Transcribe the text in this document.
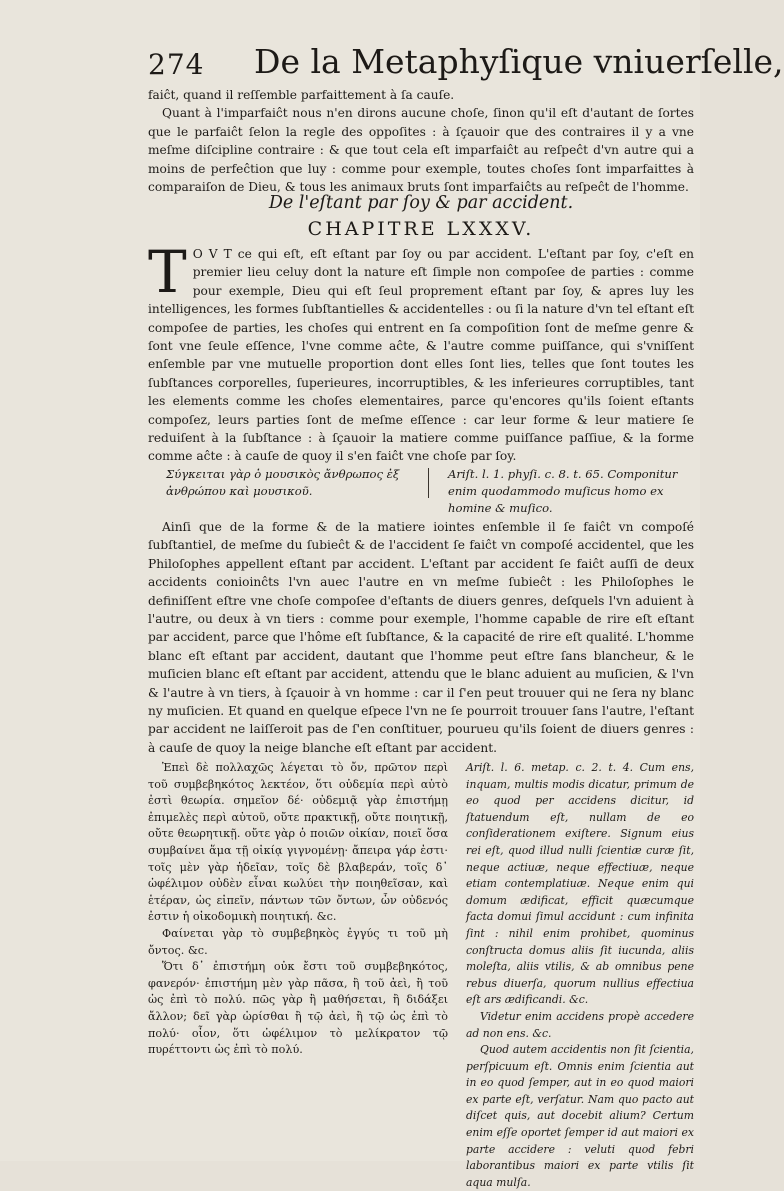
274 De la Metaphyſique vniuerſelle,

faiĉt, quand il reſſemble parfaittement à ſa cauſe.

Quant à l'imparfaiĉt nous n'en dirons aucune choſe, ſinon qu'il eſt d'autant de ſortes que le parfaiĉt ſelon la regle des oppoſites : à ſçauoir que des contraires il y a vne meſme diſcipline contraire : & que tout cela eſt imparfaiĉt au reſpeĉt d'vn autre qui a moins de perfeĉtion que luy : comme pour exemple, toutes choſes ſont imparfaittes à comparaiſon de Dieu, & tous les animaux bruts ſont imparfaiĉts au reſpeĉt de l'homme.

De l'eſtant par ſoy & par accident.
CHAPITRE LXXXV.
T O V T ce qui eſt, eſt eſtant par ſoy ou par accident. L'eſtant par ſoy, c'eſt en premier lieu celuy dont la nature eſt ſimple non compoſee de parties : comme pour exemple, Dieu qui eſt ſeul proprement eſtant par ſoy, & apres luy les intelligences, les formes ſubſtantielles & accidentelles : ou ſi la nature d'vn tel eſtant eſt compoſee de parties, les choſes qui entrent en ſa compoſition ſont de meſme genre & ſont vne ſeule eſſence, l'vne comme aĉte, & l'autre comme puiſſance, qui s'vniſſent enſemble par vne mutuelle proportion dont elles ſont lies, telles que ſont toutes les ſubſtances corporelles, ſuperieures, incorruptibles, & les inferieures corruptibles, tant les elements comme les choſes elementaires, parce qu'encores qu'ils ſoient eſtants compoſez, leurs parties ſont de meſme eſſence : car leur forme & leur matiere ſe reduiſent à la ſubſtance : à ſçauoir la matiere comme puiſſance paſſiue, & la forme comme aĉte : à cauſe de quoy il s'en faiĉt vne choſe par ſoy.
Σύγκειται γὰρ ὁ μουσικὸς ἄνθρωπος ἐξ ἀνθρώπου καὶ μουσικοῦ.
Ariſt. l. 1. phyſi. c. 8. t. 65. Componitur enim quodammodo muſicus homo ex homine & muſico.

Ainſi que de la forme & de la matiere iointes enſemble il ſe faiĉt vn compoſé ſubſtantiel, de meſme du ſubieĉt & de l'accident ſe faiĉt vn compoſé accidentel, que les Philoſophes appellent eſtant par accident. L'eſtant par accident ſe faiĉt auſſi de deux accidents conioinĉts l'vn auec l'autre en vn meſme ſubieĉt : les Philoſophes le definiſſent eſtre vne choſe compoſee d'eſtants de diuers genres, deſquels l'vn aduient à l'autre, ou deux à vn tiers : comme pour exemple, l'homme capable de rire eſt eſtant par accident, parce que l'hôme eſt ſubſtance, & la capacité de rire eſt qualité. L'homme blanc eſt eſtant par accident, dautant que l'homme peut eſtre ſans blancheur, & le muſicien blanc eſt eſtant par accident, attendu que le blanc aduient au muſicien, & l'vn & l'autre à vn tiers, à ſçauoir à vn homme : car il ſ'en peut trouuer qui ne ſera ny blanc ny muſicien. Et quand en quelque eſpece l'vn ne ſe pourroit trouuer ſans l'autre, l'eſtant par accident ne laiſſeroit pas de ſ'en conſtituer, pourueu qu'ils ſoient de diuers genres : à cauſe de quoy la neige blanche eſt eſtant par accident.

Ἐπεὶ δὲ πολλαχῶς λέγεται τὸ ὄν, πρῶτον περὶ τοῦ συμβεβηκότος λεκτέον, ὅτι οὐδεμία περὶ αὐτὸ ἐστὶ θεωρία. σημεῖον δέ· οὐδεμιᾷ γὰρ ἐπιστήμῃ ἐπιμελὲς περὶ αὐτοῦ, οὔτε πρακτικῇ, οὔτε ποιητικῇ, οὔτε θεωρητικῇ. οὔτε γὰρ ὁ ποιῶν οἰκίαν, ποιεῖ ὅσα συμβαίνει ἅμα τῇ οἰκίᾳ γιγνομένῃ· ἄπειρα γάρ ἐστι· τοῖς μὲν γὰρ ἡδεῖαν, τοῖς δὲ βλαβεράν, τοῖς δ᾽ ὠφέλιμον οὐδὲν εἶναι κωλύει τὴν ποιηθεῖσαν, καὶ ἑτέραν, ὡς εἰπεῖν, πάντων τῶν ὄντων, ὧν οὐδενός ἐστιν ἡ οἰκοδομικὴ ποιητική. &c.

Φαίνεται γὰρ τὸ συμβεβηκὸς ἐγγύς τι τοῦ μὴ ὄντος. &c.

Ὅτι δ᾽ ἐπιστήμη οὐκ ἔστι τοῦ συμβεβηκότος, φανερόν· ἐπιστήμη μὲν γὰρ πᾶσα, ἢ τοῦ ἀεὶ, ἢ τοῦ ὡς ἐπὶ τὸ πολύ. πῶς γὰρ ἢ μαθήσεται, ἢ διδάξει ἄλλον; δεῖ γὰρ ὡρίσθαι ἢ τῷ ἀεὶ, ἢ τῷ ὡς ἐπὶ τὸ πολύ· οἷον, ὅτι ὠφέλιμον τὸ μελίκρατον τῷ πυρέττοντι ὡς ἐπὶ τὸ πολύ.

Ariſt. l. 6. metap. c. 2. t. 4. Cum ens, inquam, multis modis dicatur, primum de eo quod per accidens dicitur, id ſtatuendum eſt, nullam de eo conſiderationem exiſtere. Signum eius rei eſt, quod illud nulli ſcientiæ curæ ſit, neque actiuæ, neque effectiuæ, neque etiam contemplatiuæ. Neque enim qui domum ædificat, efficit quæcumque facta domui ſimul accidunt : cum infinita ſint : nihil enim prohibet, quominus conſtructa domus aliis ſit iucunda, aliis moleſta, aliis vtilis, & ab omnibus pene rebus diuerſa, quorum nullius effectiua eſt ars ædificandi. &c.

Videtur enim accidens propè accedere ad non ens. &c.

Quod autem accidentis non ſit ſcientia, perſpicuum eſt. Omnis enim ſcientia aut in eo quod ſemper, aut in eo quod maiori ex parte eſt, verſatur. Nam quo pacto aut diſcet quis, aut docebit alium? Certum enim eſſe oportet ſemper id aut maiori ex parte accidere : veluti quod febri laborantibus maiori ex parte vtilis ſit aqua mulſa.
